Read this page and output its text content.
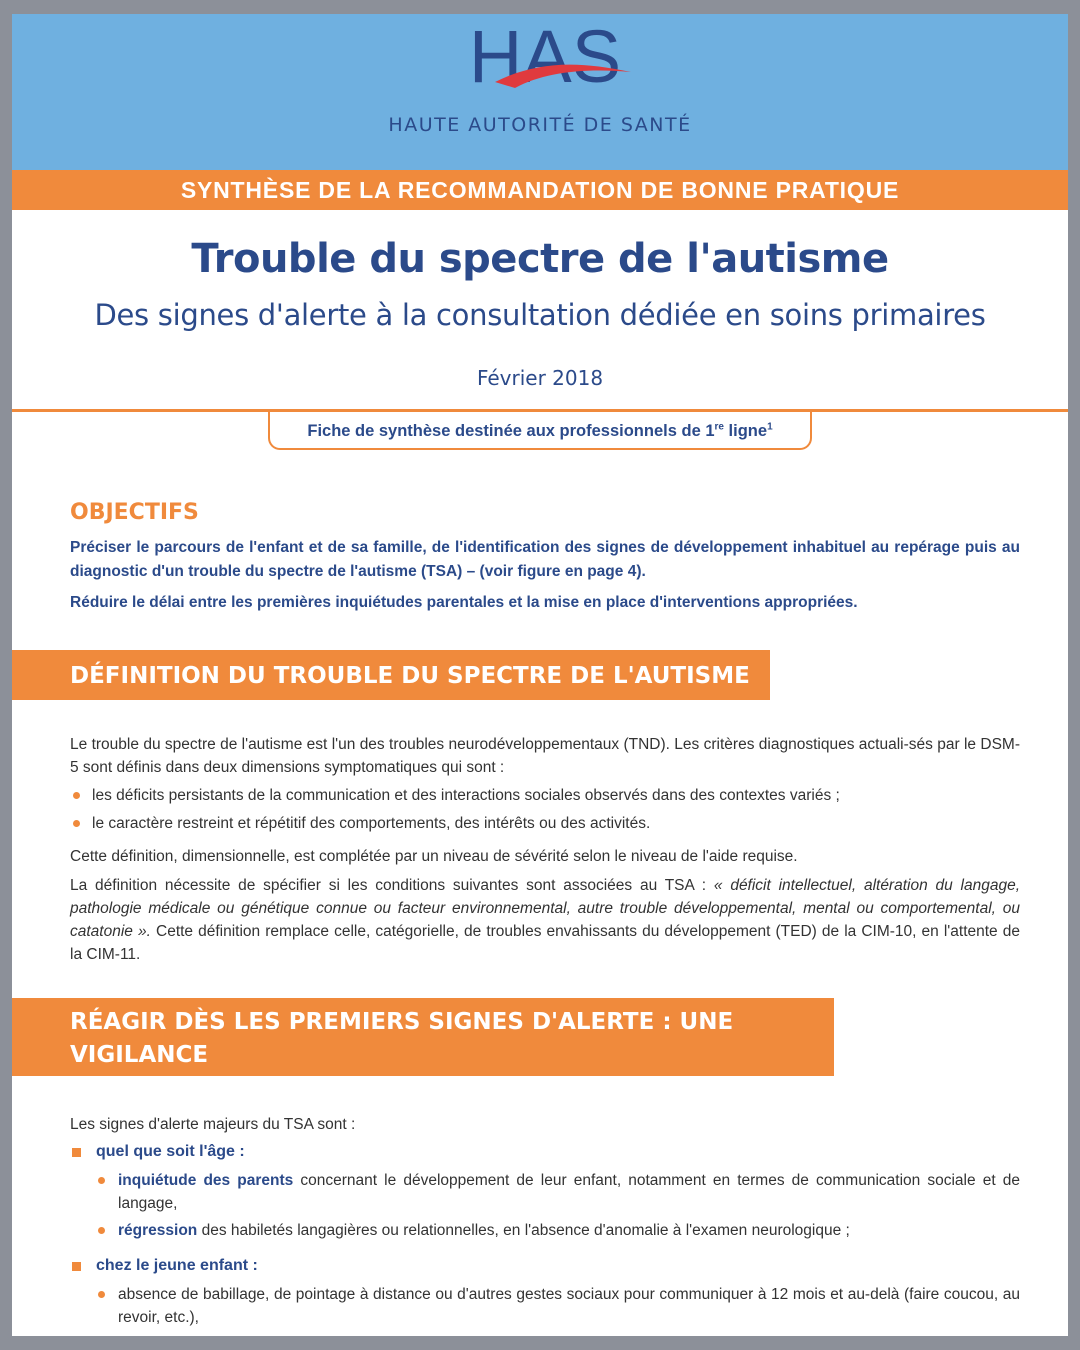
HAS
HAUTE AUTORITÉ DE SANTÉ
SYNTHÈSE DE LA RECOMMANDATION DE BONNE PRATIQUE
Trouble du spectre de l'autisme
Des signes d'alerte à la consultation dédiée en soins primaires
Février 2018
Fiche de synthèse destinée aux professionnels de 1re ligne$^1$
OBJECTIFS
Préciser le parcours de l'enfant et de sa famille, de l'identification des signes de développement inhabituel au repérage puis au diagnostic d'un trouble du spectre de l'autisme (TSA) – (voir figure en page 4).
Réduire le délai entre les premières inquiétudes parentales et la mise en place d'interventions appropriées.
DÉFINITION DU TROUBLE DU SPECTRE DE L'AUTISME (TSA)
Le trouble du spectre de l'autisme est l'un des troubles neurodéveloppementaux (TND). Les critères diagnostiques actuali-sés par le DSM-5 sont définis dans deux dimensions symptomatiques qui sont :
les déficits persistants de la communication et des interactions sociales observés dans des contextes variés ;
le caractère restreint et répétitif des comportements, des intérêts ou des activités.
Cette définition, dimensionnelle, est complétée par un niveau de sévérité selon le niveau de l'aide requise.
La définition nécessite de spécifier si les conditions suivantes sont associées au TSA : « déficit intellectuel, altération du langage, pathologie médicale ou génétique connue ou facteur environnemental, autre trouble développemental, mental ou comportemental, ou catatonie ». Cette définition remplace celle, catégorielle, de troubles envahissants du développement (TED) de la CIM-10, en l'attente de la CIM-11.
RÉAGIR DÈS LES PREMIERS SIGNES D'ALERTE : UNE VIGILANCE
DE TOUS LES ACTEURS DE 1RE LIGNE
Les signes d'alerte majeurs du TSA sont :
quel que soit l'âge :
inquiétude des parents concernant le développement de leur enfant, notamment en termes de communication sociale et de langage,
régression des habiletés langagières ou relationnelles, en l'absence d'anomalie à l'examen neurologique ;
chez le jeune enfant :
absence de babillage, de pointage à distance ou d'autres gestes sociaux pour communiquer à 12 mois et au-delà (faire coucou, au revoir, etc.),
